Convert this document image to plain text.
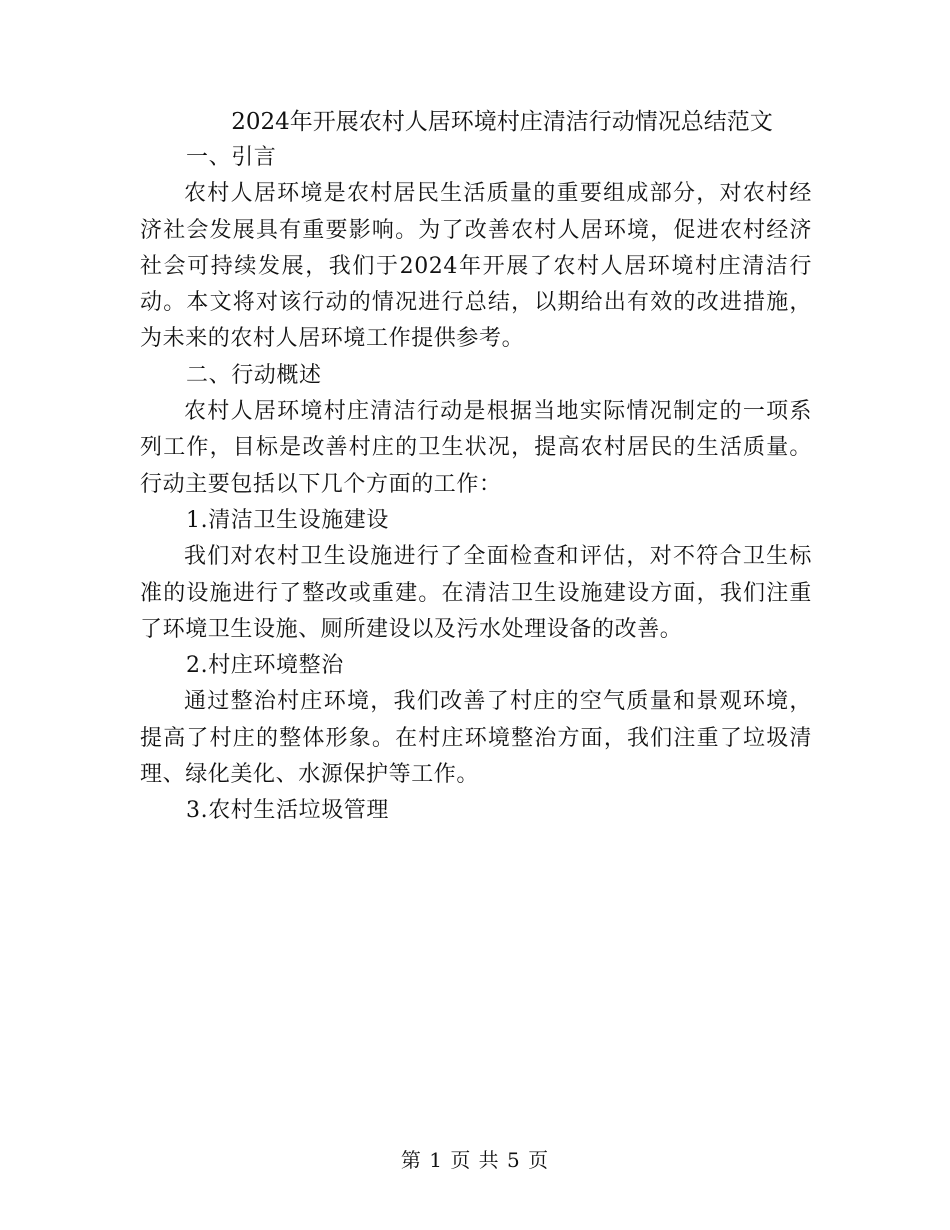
2024年开展农村人居环境村庄清洁行动情况总结范文

一、引言

农村人居环境是农村居民生活质量的重要组成部分，对农村经济社会发展具有重要影响。为了改善农村人居环境，促进农村经济社会可持续发展，我们于2024年开展了农村人居环境村庄清洁行动。本文将对该行动的情况进行总结，以期给出有效的改进措施，为未来的农村人居环境工作提供参考。

二、行动概述

农村人居环境村庄清洁行动是根据当地实际情况制定的一项系列工作，目标是改善村庄的卫生状况，提高农村居民的生活质量。行动主要包括以下几个方面的工作：

1.清洁卫生设施建设

我们对农村卫生设施进行了全面检查和评估，对不符合卫生标准的设施进行了整改或重建。在清洁卫生设施建设方面，我们注重了环境卫生设施、厕所建设以及污水处理设备的改善。

2.村庄环境整治

通过整治村庄环境，我们改善了村庄的空气质量和景观环境，提高了村庄的整体形象。在村庄环境整治方面，我们注重了垃圾清理、绿化美化、水源保护等工作。

3.农村生活垃圾管理

第 1 页 共 5 页
